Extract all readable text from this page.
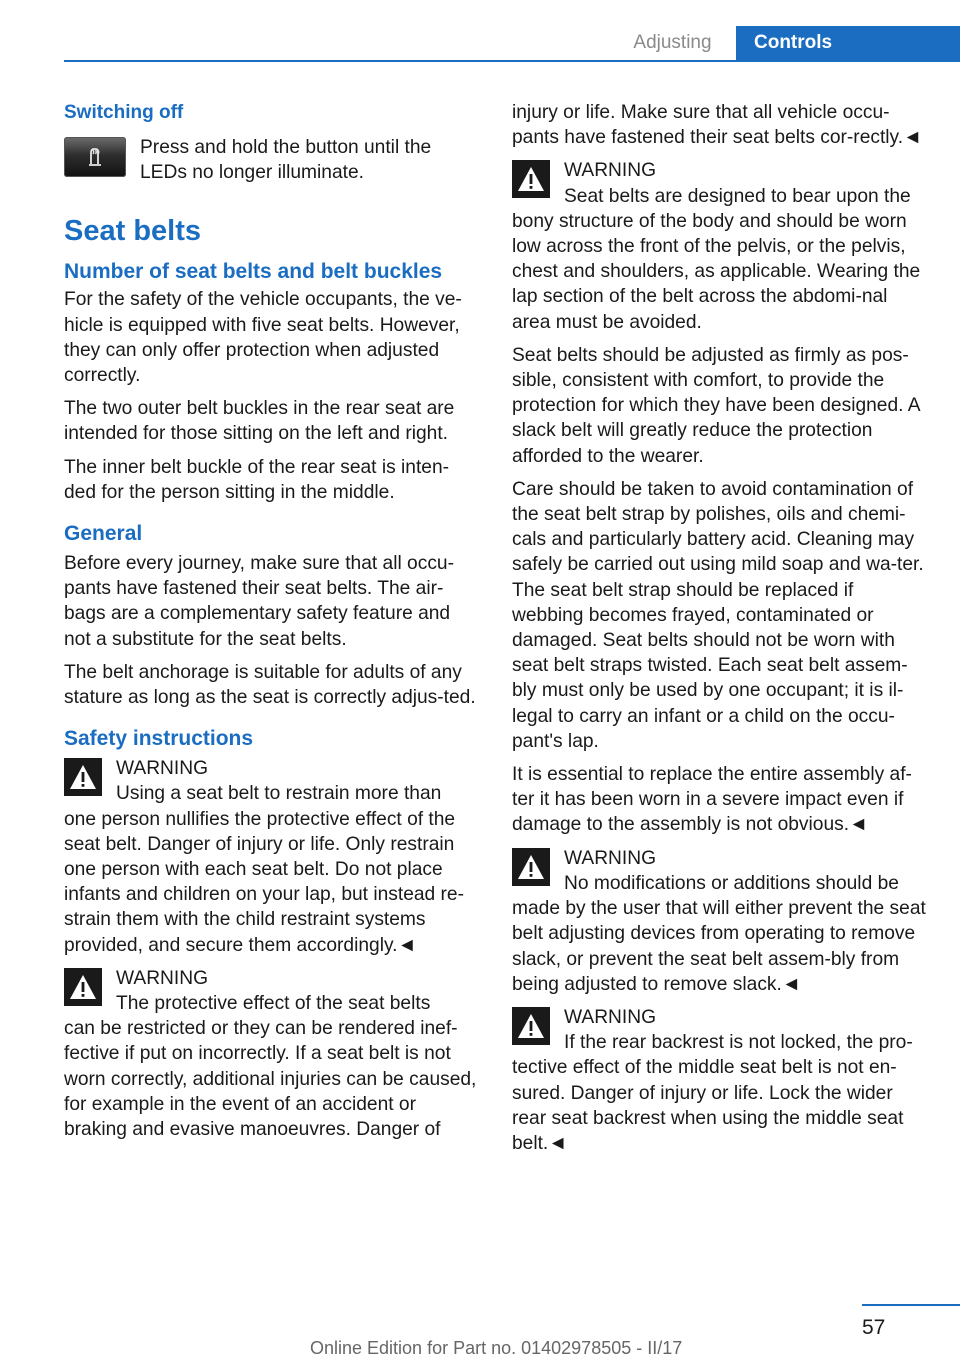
Adjusting	Controls
Switching off
Press and hold the button until the LEDs no longer illuminate.
Seat belts
Number of seat belts and belt buckles

For the safety of the vehicle occupants, the ve-hicle is equipped with five seat belts. However, they can only offer protection when adjusted correctly.

The two outer belt buckles in the rear seat are intended for those sitting on the left and right.

The inner belt buckle of the rear seat is inten-ded for the person sitting in the middle.

General

Before every journey, make sure that all occu-pants have fastened their seat belts. The air-bags are a complementary safety feature and not a substitute for the seat belts.

The belt anchorage is suitable for adults of any stature as long as the seat is correctly adjus-ted.

Safety instructions
WARNING
Using a seat belt to restrain more than

one person nullifies the protective effect of the seat belt. Danger of injury or life. Only restrain one person with each seat belt. Do not place infants and children on your lap, but instead re-strain them with the child restraint systems provided, and secure them accordingly.◄

WARNING
The protective effect of the seat belts

can be restricted or they can be rendered inef-fective if put on incorrectly. If a seat belt is not worn correctly, additional injuries can be caused, for example in the event of an accident or braking and evasive manoeuvres. Danger of

injury or life. Make sure that all vehicle occu-pants have fastened their seat belts cor-rectly.◄

WARNING
Seat belts are designed to bear upon the

bony structure of the body and should be worn low across the front of the pelvis, or the pelvis, chest and shoulders, as applicable. Wearing the lap section of the belt across the abdomi-nal area must be avoided.

Seat belts should be adjusted as firmly as pos-sible, consistent with comfort, to provide the protection for which they have been designed. A slack belt will greatly reduce the protection afforded to the wearer.

Care should be taken to avoid contamination of the seat belt strap by polishes, oils and chemi-cals and particularly battery acid. Cleaning may safely be carried out using mild soap and wa-ter. The seat belt strap should be replaced if webbing becomes frayed, contaminated or damaged. Seat belts should not be worn with seat belt straps twisted. Each seat belt assem-bly must only be used by one occupant; it is il-legal to carry an infant or a child on the occu-pant's lap.

It is essential to replace the entire assembly af-ter it has been worn in a severe impact even if damage to the assembly is not obvious.◄

WARNING
No modifications or additions should be

made by the user that will either prevent the seat belt adjusting devices from operating to remove slack, or prevent the seat belt assem-bly from being adjusted to remove slack.◄

WARNING
If the rear backrest is not locked, the pro-

tective effect of the middle seat belt is not en-sured. Danger of injury or life. Lock the wider rear seat backrest when using the middle seat belt.◄

57
Online Edition for Part no. 01402978505 - II/17
